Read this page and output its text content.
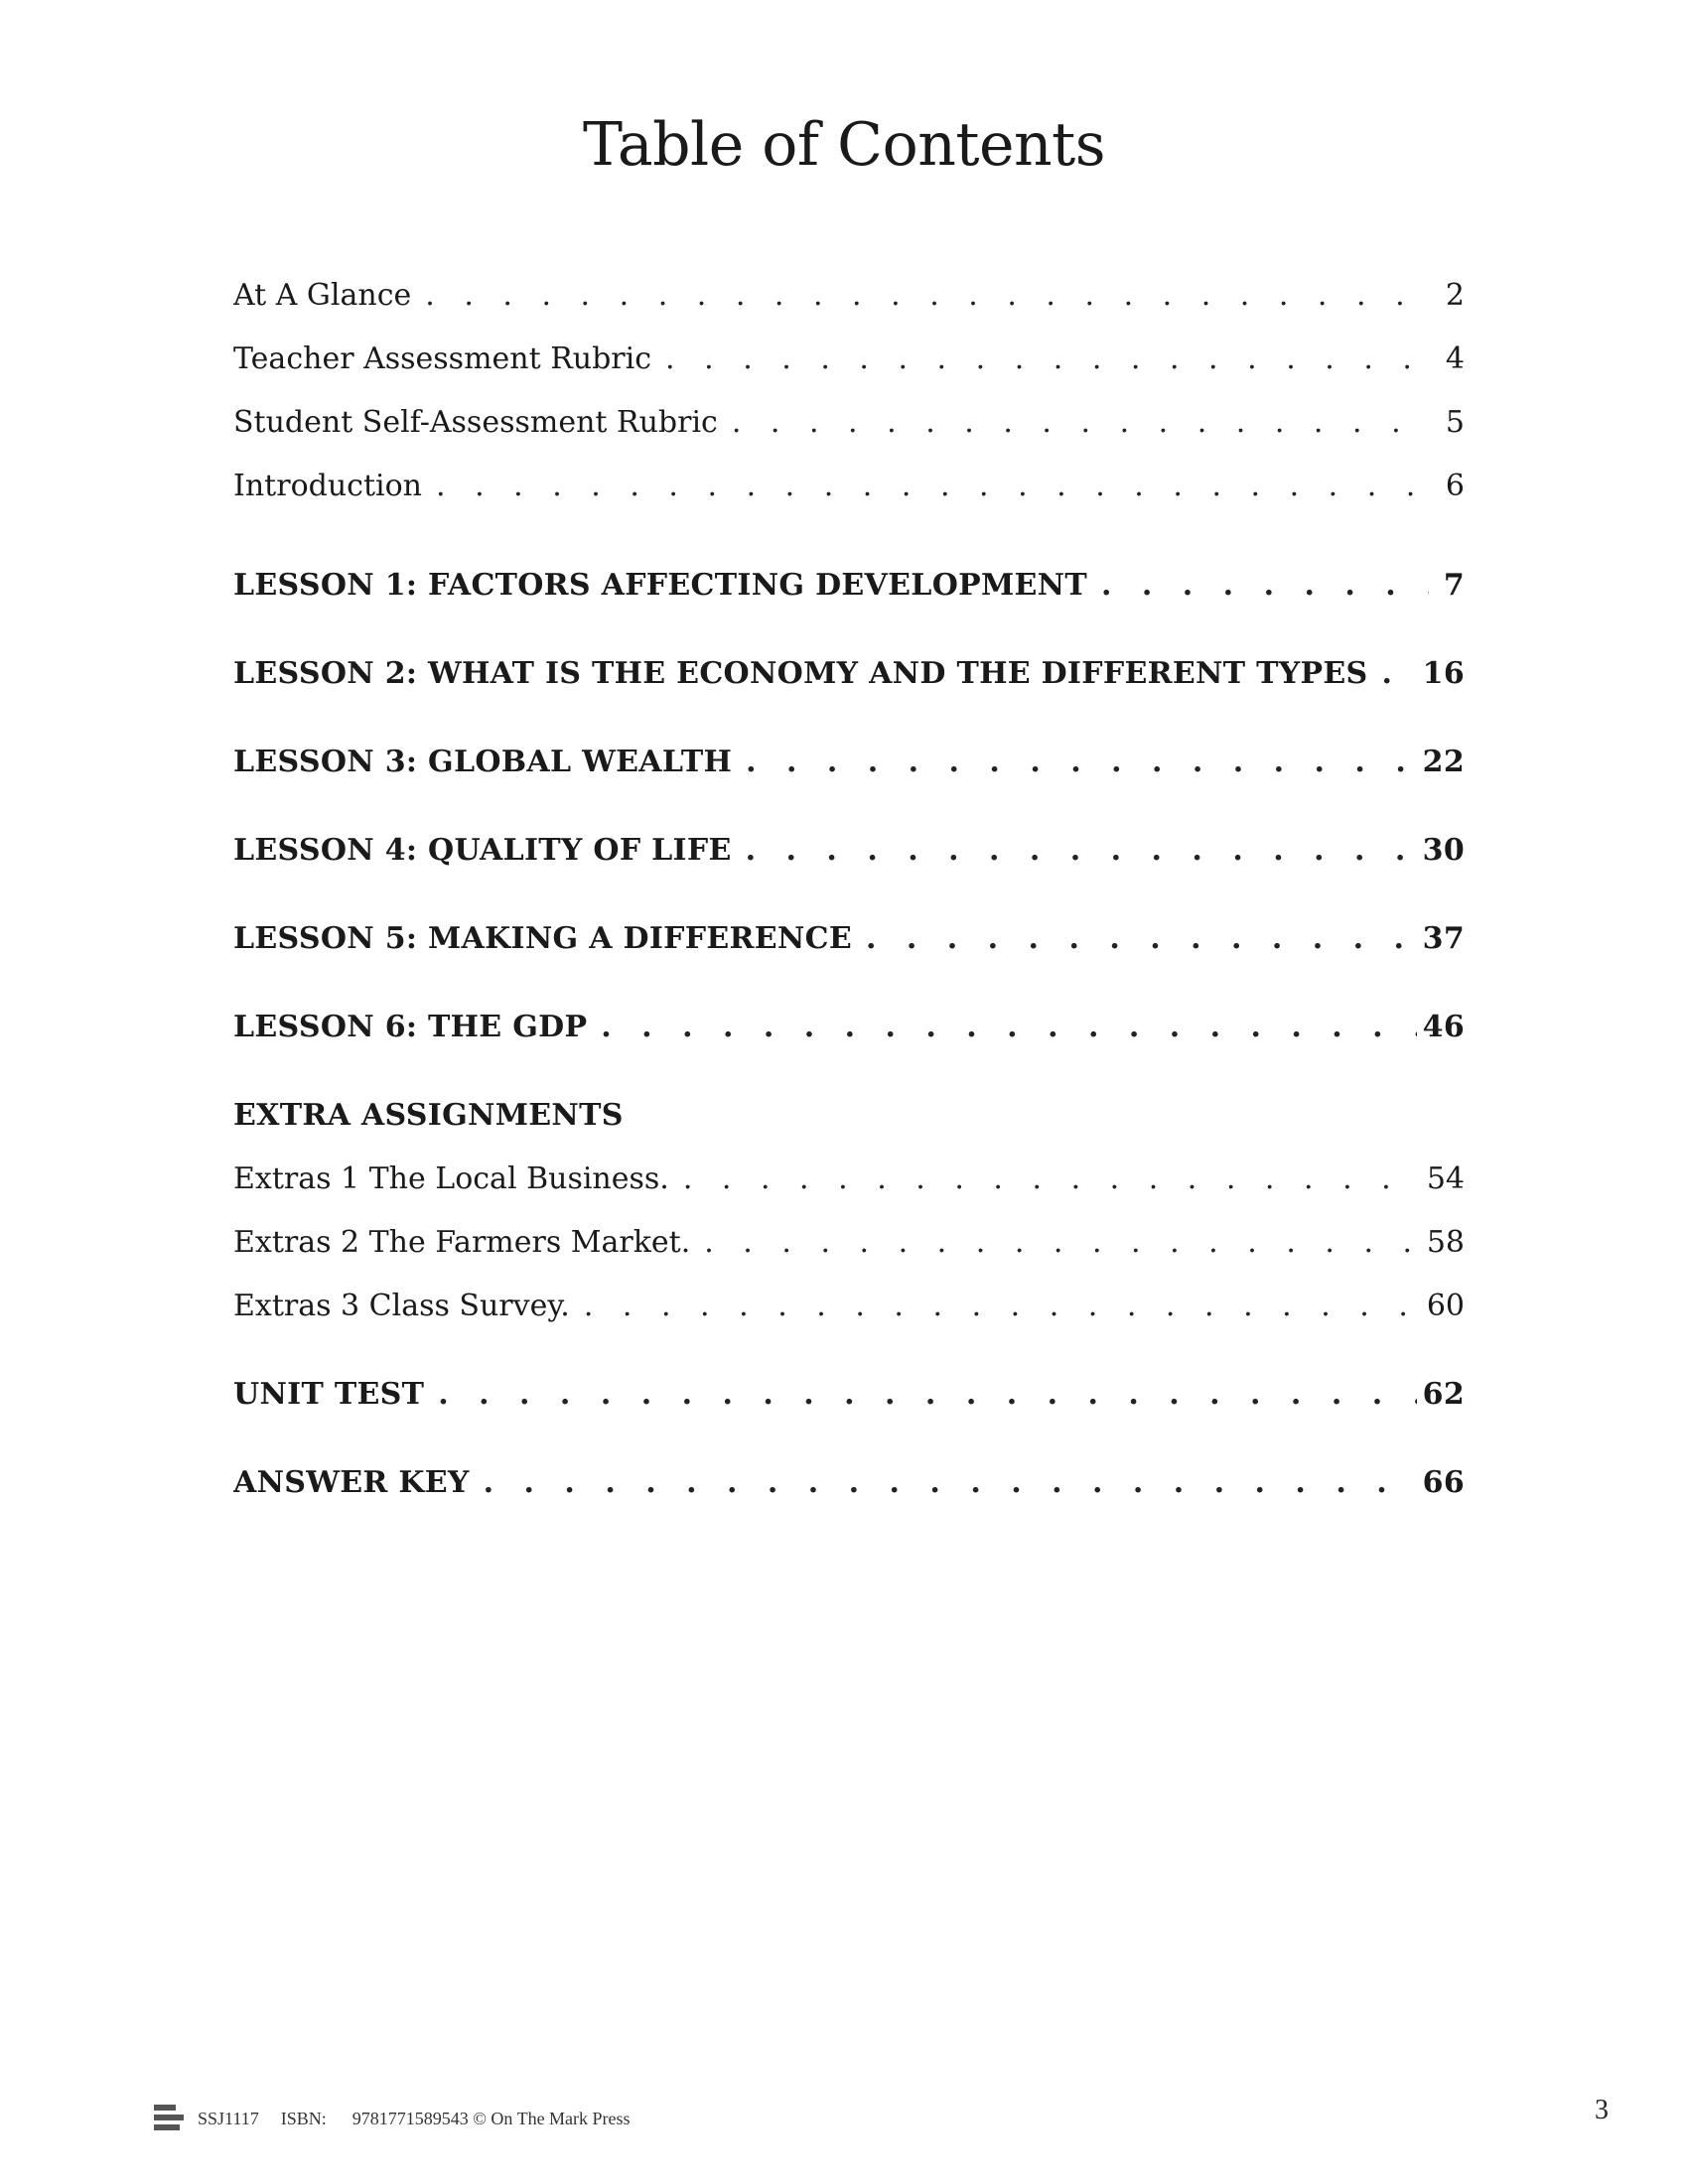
Table of Contents
At A Glance . . .	2
Teacher Assessment Rubric . . .	4
Student Self-Assessment Rubric . . .	5
Introduction . . .	6
LESSON 1: FACTORS AFFECTING DEVELOPMENT . . .	7
LESSON 2: WHAT IS THE ECONOMY AND THE DIFFERENT TYPES . . . 16
LESSON 3: GLOBAL WEALTH . . .	22
LESSON 4: QUALITY OF LIFE . . .	30
LESSON 5: MAKING A DIFFERENCE . . .	37
LESSON 6: THE GDP . . .	46
EXTRA ASSIGNMENTS
Extras 1 The Local Business. . . .	54
Extras 2 The Farmers Market. . . .	58
Extras 3 Class Survey. . . .	60
UNIT TEST . . .	62
ANSWER KEY . . .	66
SSJ1117 ISBN: 9781771589543 © On The Mark Press	3
